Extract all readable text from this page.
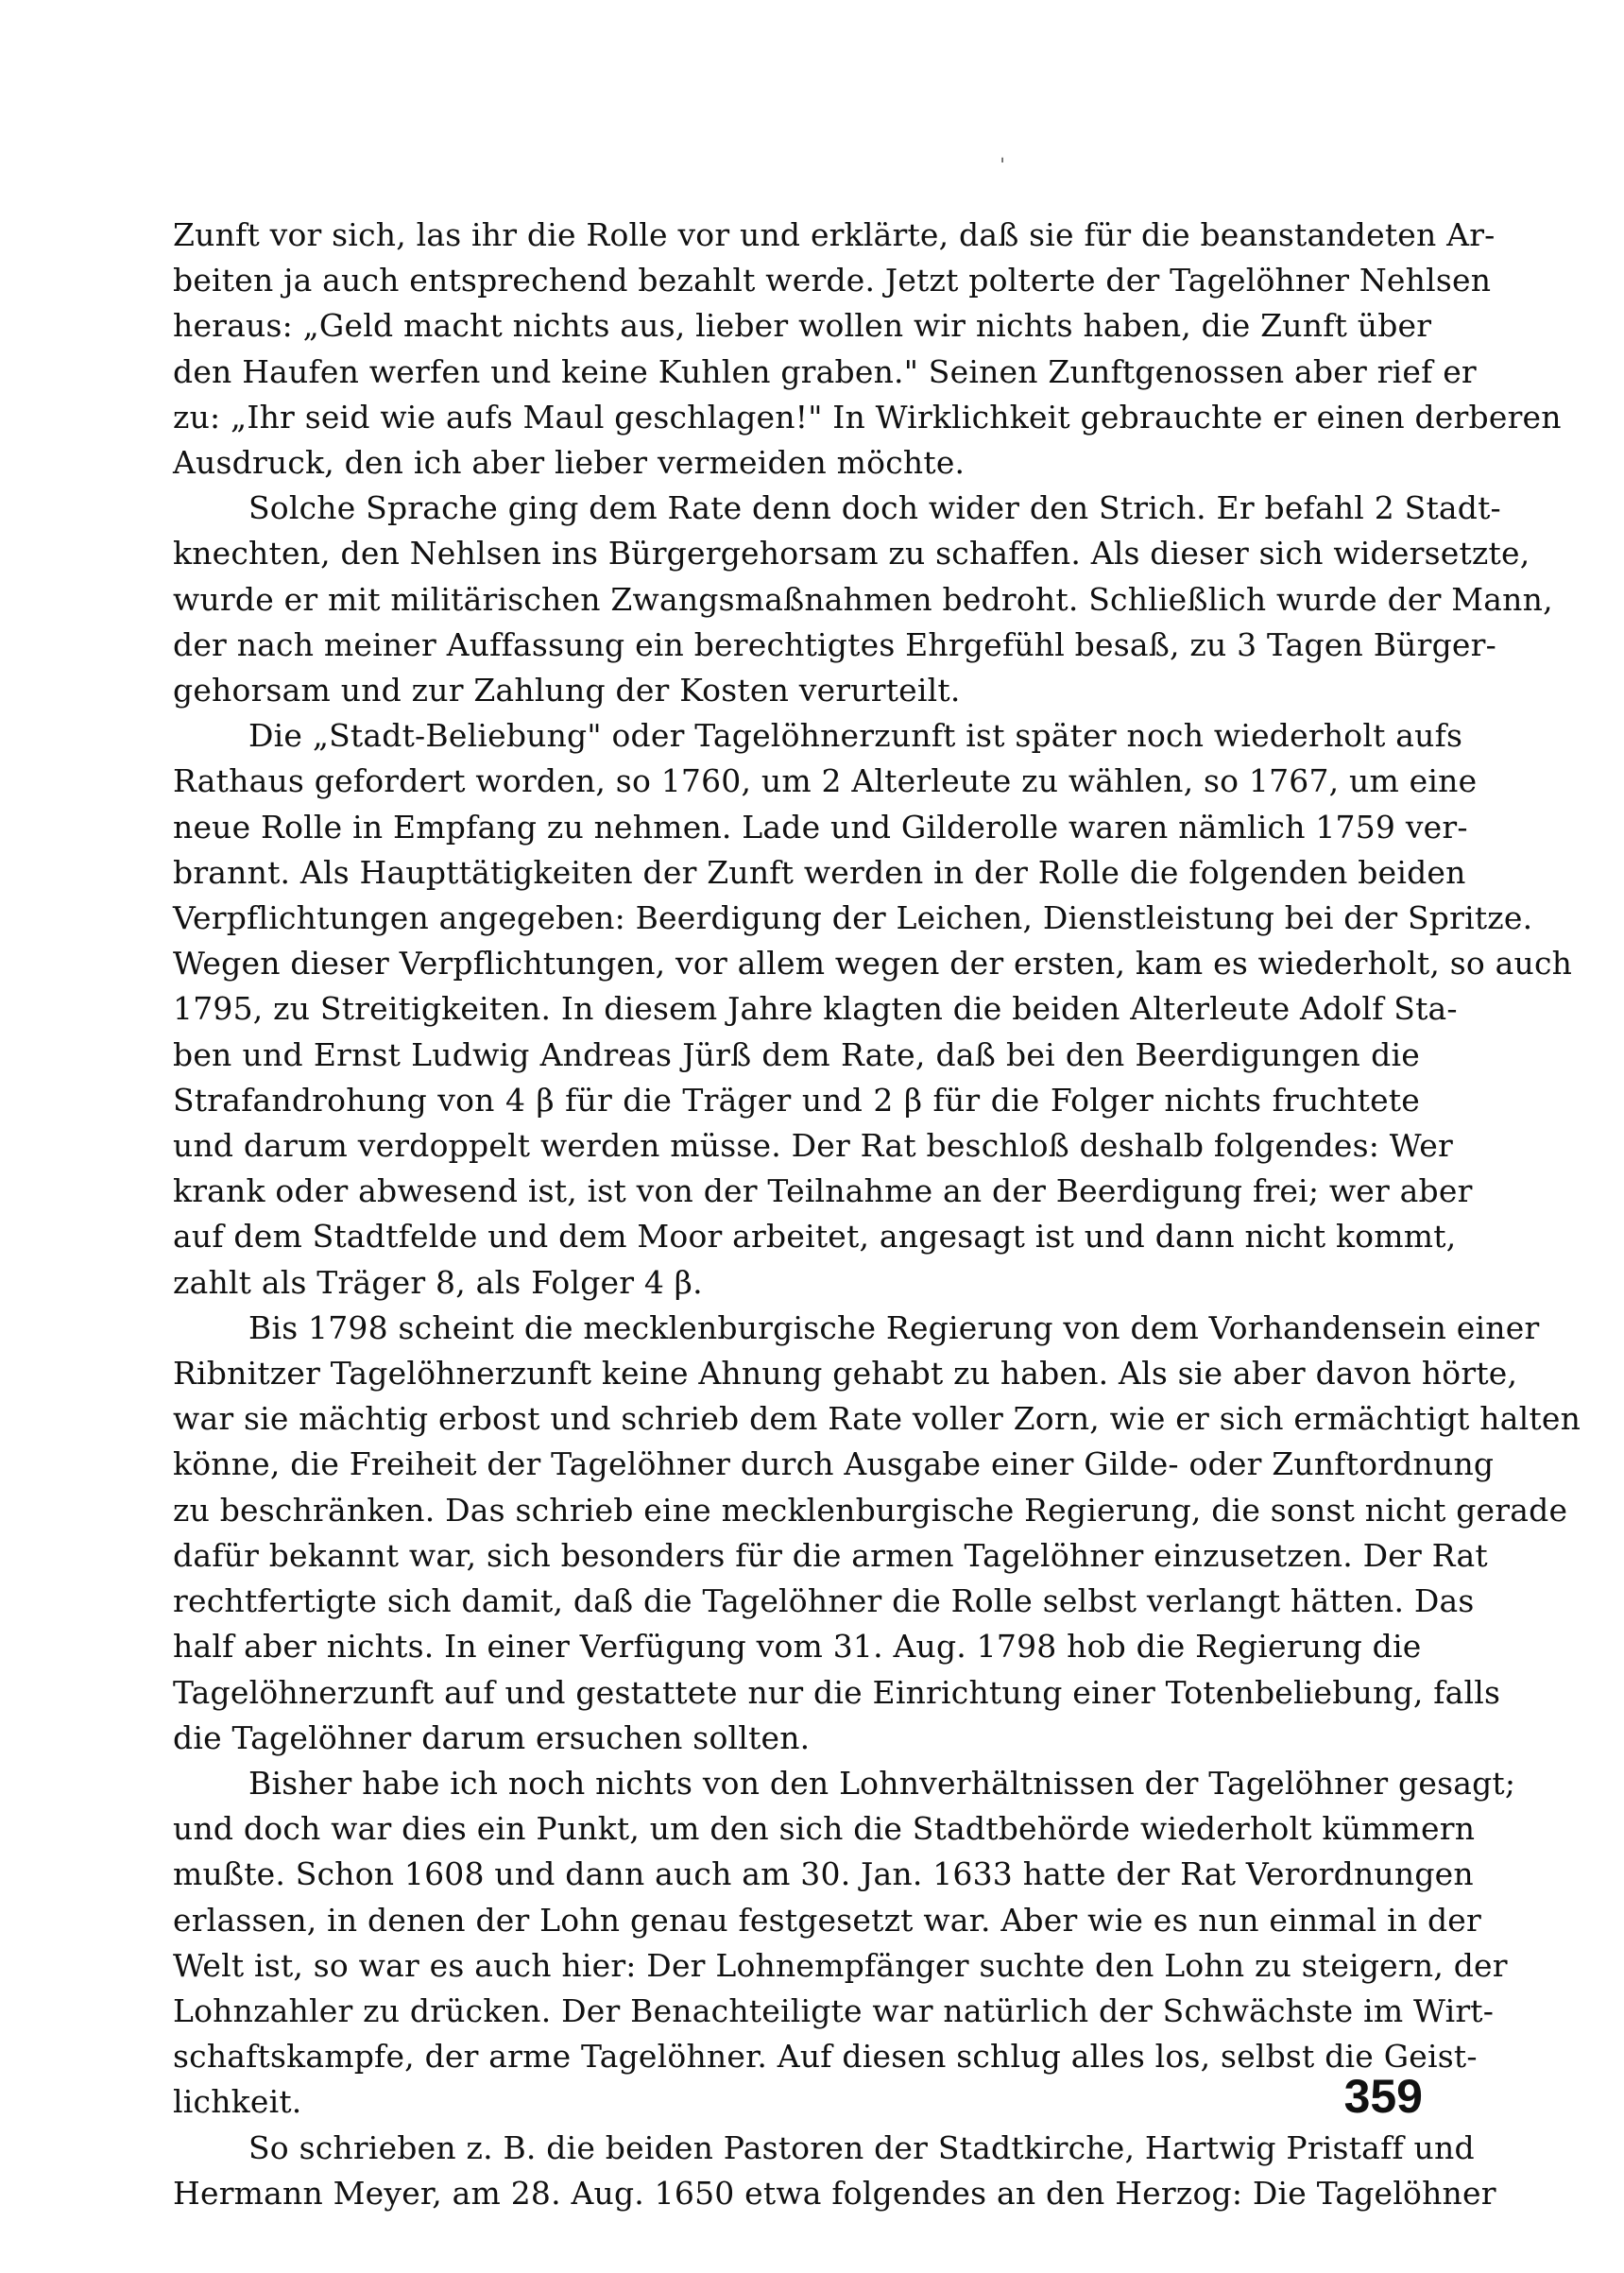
ˈ
Zunft vor sich, las ihr die Rolle vor und erklärte, daß sie für die beanstandeten Ar-
beiten ja auch entsprechend bezahlt werde. Jetzt polterte der Tagelöhner Nehlsen
heraus: „Geld macht nichts aus, lieber wollen wir nichts haben, die Zunft über
den Haufen werfen und keine Kuhlen graben." Seinen Zunftgenossen aber rief er
zu: „Ihr seid wie aufs Maul geschlagen!" In Wirklichkeit gebrauchte er einen derberen
Ausdruck, den ich aber lieber vermeiden möchte.
Solche Sprache ging dem Rate denn doch wider den Strich. Er befahl 2 Stadt-
knechten, den Nehlsen ins Bürgergehorsam zu schaffen. Als dieser sich widersetzte,
wurde er mit militärischen Zwangsmaßnahmen bedroht. Schließlich wurde der Mann,
der nach meiner Auffassung ein berechtigtes Ehrgefühl besaß, zu 3 Tagen Bürger-
gehorsam und zur Zahlung der Kosten verurteilt.
Die „Stadt-Beliebung" oder Tagelöhnerzunft ist später noch wiederholt aufs
Rathaus gefordert worden, so 1760, um 2 Alterleute zu wählen, so 1767, um eine
neue Rolle in Empfang zu nehmen. Lade und Gilderolle waren nämlich 1759 ver-
brannt. Als Haupttätigkeiten der Zunft werden in der Rolle die folgenden beiden
Verpflichtungen angegeben: Beerdigung der Leichen, Dienstleistung bei der Spritze.
Wegen dieser Verpflichtungen, vor allem wegen der ersten, kam es wiederholt, so auch
1795, zu Streitigkeiten. In diesem Jahre klagten die beiden Alterleute Adolf Sta-
ben und Ernst Ludwig Andreas Jürß dem Rate, daß bei den Beerdigungen die
Strafandrohung von 4 β für die Träger und 2 β für die Folger nichts fruchtete
und darum verdoppelt werden müsse. Der Rat beschloß deshalb folgendes: Wer
krank oder abwesend ist, ist von der Teilnahme an der Beerdigung frei; wer aber
auf dem Stadtfelde und dem Moor arbeitet, angesagt ist und dann nicht kommt,
zahlt als Träger 8, als Folger 4 β.
Bis 1798 scheint die mecklenburgische Regierung von dem Vorhandensein einer
Ribnitzer Tagelöhnerzunft keine Ahnung gehabt zu haben. Als sie aber davon hörte,
war sie mächtig erbost und schrieb dem Rate voller Zorn, wie er sich ermächtigt halten
könne, die Freiheit der Tagelöhner durch Ausgabe einer Gilde- oder Zunftordnung
zu beschränken. Das schrieb eine mecklenburgische Regierung, die sonst nicht gerade
dafür bekannt war, sich besonders für die armen Tagelöhner einzusetzen. Der Rat
rechtfertigte sich damit, daß die Tagelöhner die Rolle selbst verlangt hätten. Das
half aber nichts. In einer Verfügung vom 31. Aug. 1798 hob die Regierung die
Tagelöhnerzunft auf und gestattete nur die Einrichtung einer Totenbeliebung, falls
die Tagelöhner darum ersuchen sollten.
Bisher habe ich noch nichts von den Lohnverhältnissen der Tagelöhner gesagt;
und doch war dies ein Punkt, um den sich die Stadtbehörde wiederholt kümmern
mußte. Schon 1608 und dann auch am 30. Jan. 1633 hatte der Rat Verordnungen
erlassen, in denen der Lohn genau festgesetzt war. Aber wie es nun einmal in der
Welt ist, so war es auch hier: Der Lohnempfänger suchte den Lohn zu steigern, der
Lohnzahler zu drücken. Der Benachteiligte war natürlich der Schwächste im Wirt-
schaftskampfe, der arme Tagelöhner. Auf diesen schlug alles los, selbst die Geist-
lichkeit.
So schrieben z. B. die beiden Pastoren der Stadtkirche, Hartwig Pristaff und
Hermann Meyer, am 28. Aug. 1650 etwa folgendes an den Herzog: Die Tagelöhner
359
